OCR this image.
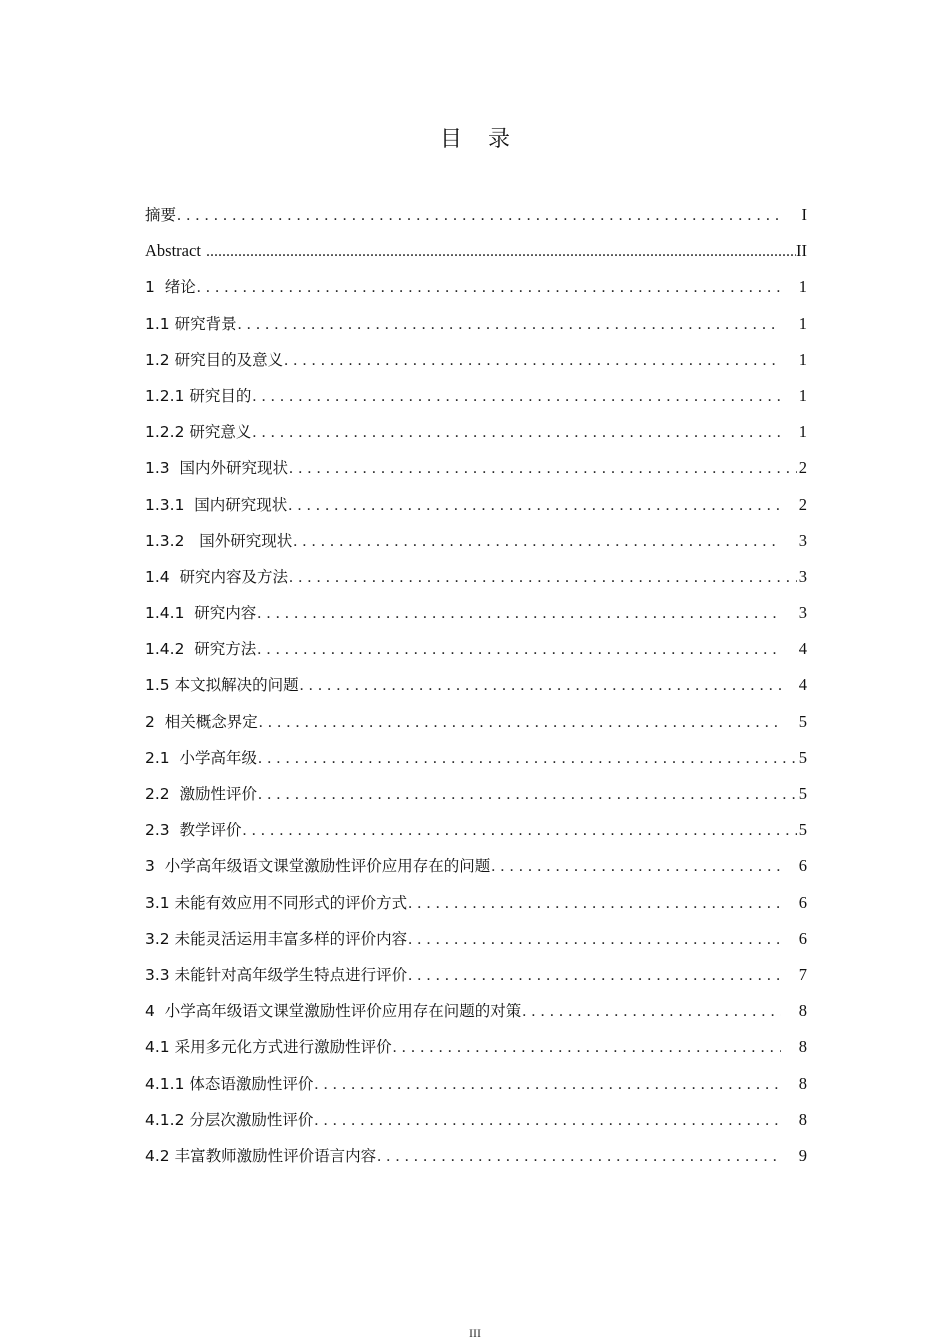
目录
摘要 . . .	I
Abstract .....	II
1  绪论 . . .	1
1.1 研究背景 . . .	1
1.2 研究目的及意义 . . .	1
1.2.1 研究目的 . . .	1
1.2.2 研究意义 . . .	1
1.3  国内外研究现状 . . .	2
1.3.1  国内研究现状 . . .	2
1.3.2   国外研究现状 . . .	3
1.4  研究内容及方法 . . .	3
1.4.1  研究内容 . . .	3
1.4.2  研究方法 . . .	4
1.5 本文拟解决的问题 . . .	4
2  相关概念界定 . . .	5
2.1  小学高年级 . . .	5
2.2  激励性评价 . . .	5
2.3  教学评价 . . .	5
3  小学高年级语文课堂激励性评价应用存在的问题 . . .	6
3.1 未能有效应用不同形式的评价方式 . . .	6
3.2 未能灵活运用丰富多样的评价内容 . . .	6
3.3 未能针对高年级学生特点进行评价 . . .	7
4  小学高年级语文课堂激励性评价应用存在问题的对策 . . .	8
4.1 采用多元化方式进行激励性评价 . . .	8
4.1.1 体态语激励性评价 . . .	8
4.1.2 分层次激励性评价 . . .	8
4.2 丰富教师激励性评价语言内容 . . .	9
III
